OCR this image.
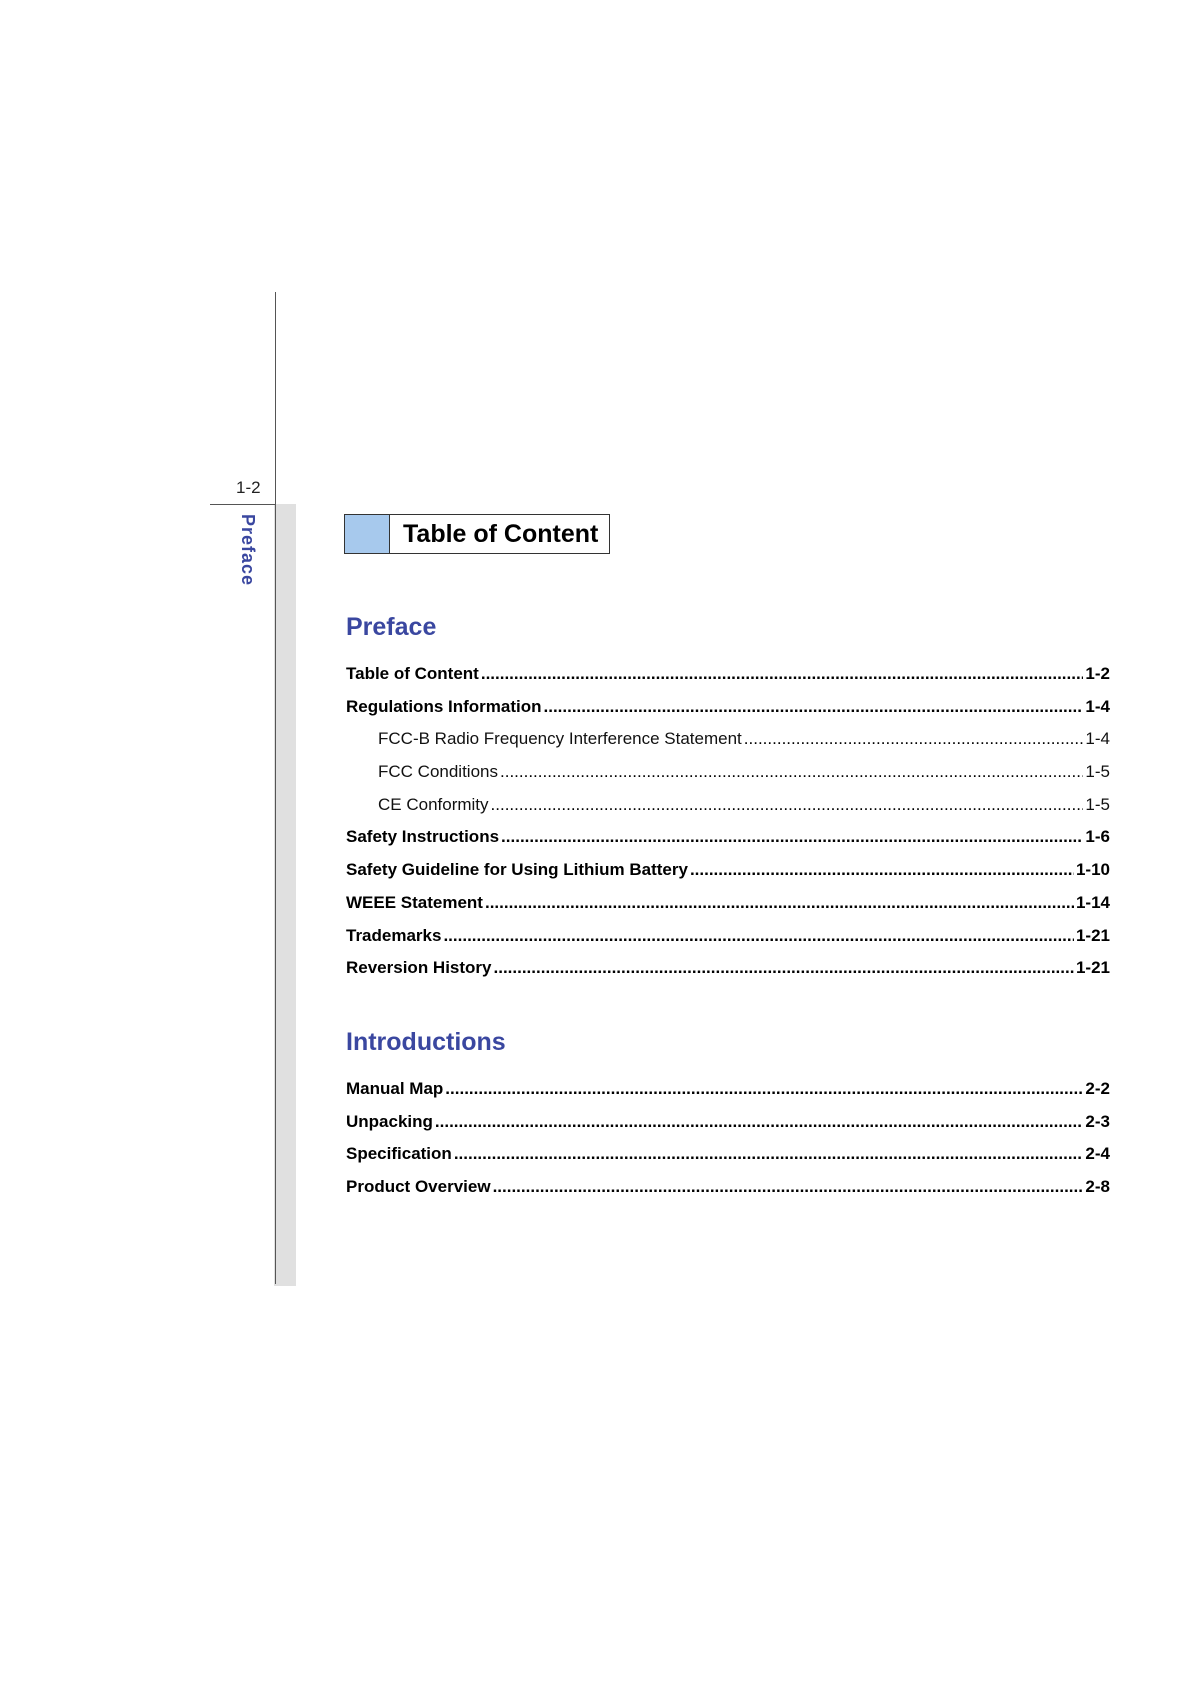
1-2
Preface	Table of Content
Preface
Table of Content .....	1-2
Regulations Information .....	1-4
FCC-B Radio Frequency Interference Statement .....	1-4
FCC Conditions .....	1-5
CE Conformity .....	1-5
Safety Instructions .....	1-6
Safety Guideline for Using Lithium Battery .....	1-10
WEEE Statement .....	1-14
Trademarks .....	1-21
Reversion History .....	1-21
Introductions
Manual Map .....	2-2
Unpacking .....	2-3
Specification .....	2-4
Product Overview .....	2-8
